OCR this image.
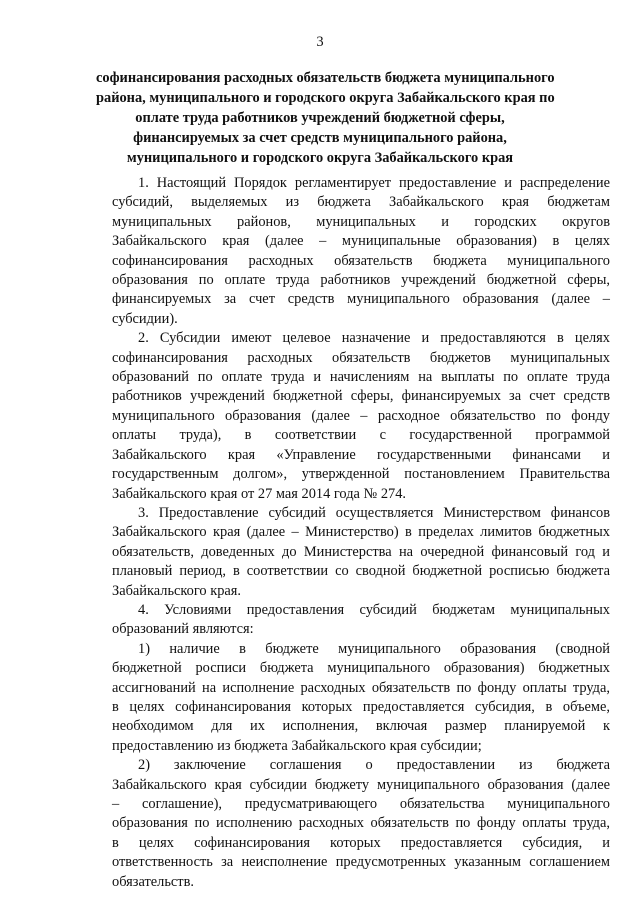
3
софинансирования расходных обязательств бюджета муниципального
района, муниципального и городского округа Забайкальского края по
оплате труда работников учреждений бюджетной сферы,
финансируемых за счет средств муниципального района,
муниципального и городского округа Забайкальского края
1. Настоящий Порядок регламентирует предоставление и распределение
субсидий, выделяемых из бюджета Забайкальского края бюджетам
муниципальных районов, муниципальных и городских округов
Забайкальского края (далее – муниципальные образования) в целях
софинансирования расходных обязательств бюджета муниципального
образования по оплате труда работников учреждений бюджетной сферы,
финансируемых за счет средств муниципального образования (далее –
субсидии).
2. Субсидии имеют целевое назначение и предоставляются в целях
софинансирования расходных обязательств бюджетов муниципальных
образований по оплате труда и начислениям на выплаты по оплате труда
работников учреждений бюджетной сферы, финансируемых за счет средств
муниципального образования (далее – расходное обязательство по фонду
оплаты труда), в соответствии с государственной программой
Забайкальского края «Управление государственными финансами и
государственным долгом», утвержденной постановлением Правительства
Забайкальского края от 27 мая 2014 года № 274.
3. Предоставление субсидий осуществляется Министерством финансов
Забайкальского края (далее – Министерство) в пределах лимитов бюджетных
обязательств, доведенных до Министерства на очередной финансовый год и
плановый период, в соответствии со сводной бюджетной росписью бюджета
Забайкальского края.
4. Условиями предоставления субсидий бюджетам муниципальных
образований являются:
1) наличие в бюджете муниципального образования (сводной
бюджетной росписи бюджета муниципального образования) бюджетных
ассигнований на исполнение расходных обязательств по фонду оплаты труда,
в целях софинансирования которых предоставляется субсидия, в объеме,
необходимом для их исполнения, включая размер планируемой к
предоставлению из бюджета Забайкальского края субсидии;
2) заключение соглашения о предоставлении из бюджета
Забайкальского края субсидии бюджету муниципального образования (далее
– соглашение), предусматривающего обязательства муниципального
образования по исполнению расходных обязательств по фонду оплаты труда,
в целях софинансирования которых предоставляется субсидия, и
ответственность за неисполнение предусмотренных указанным соглашением
обязательств.
